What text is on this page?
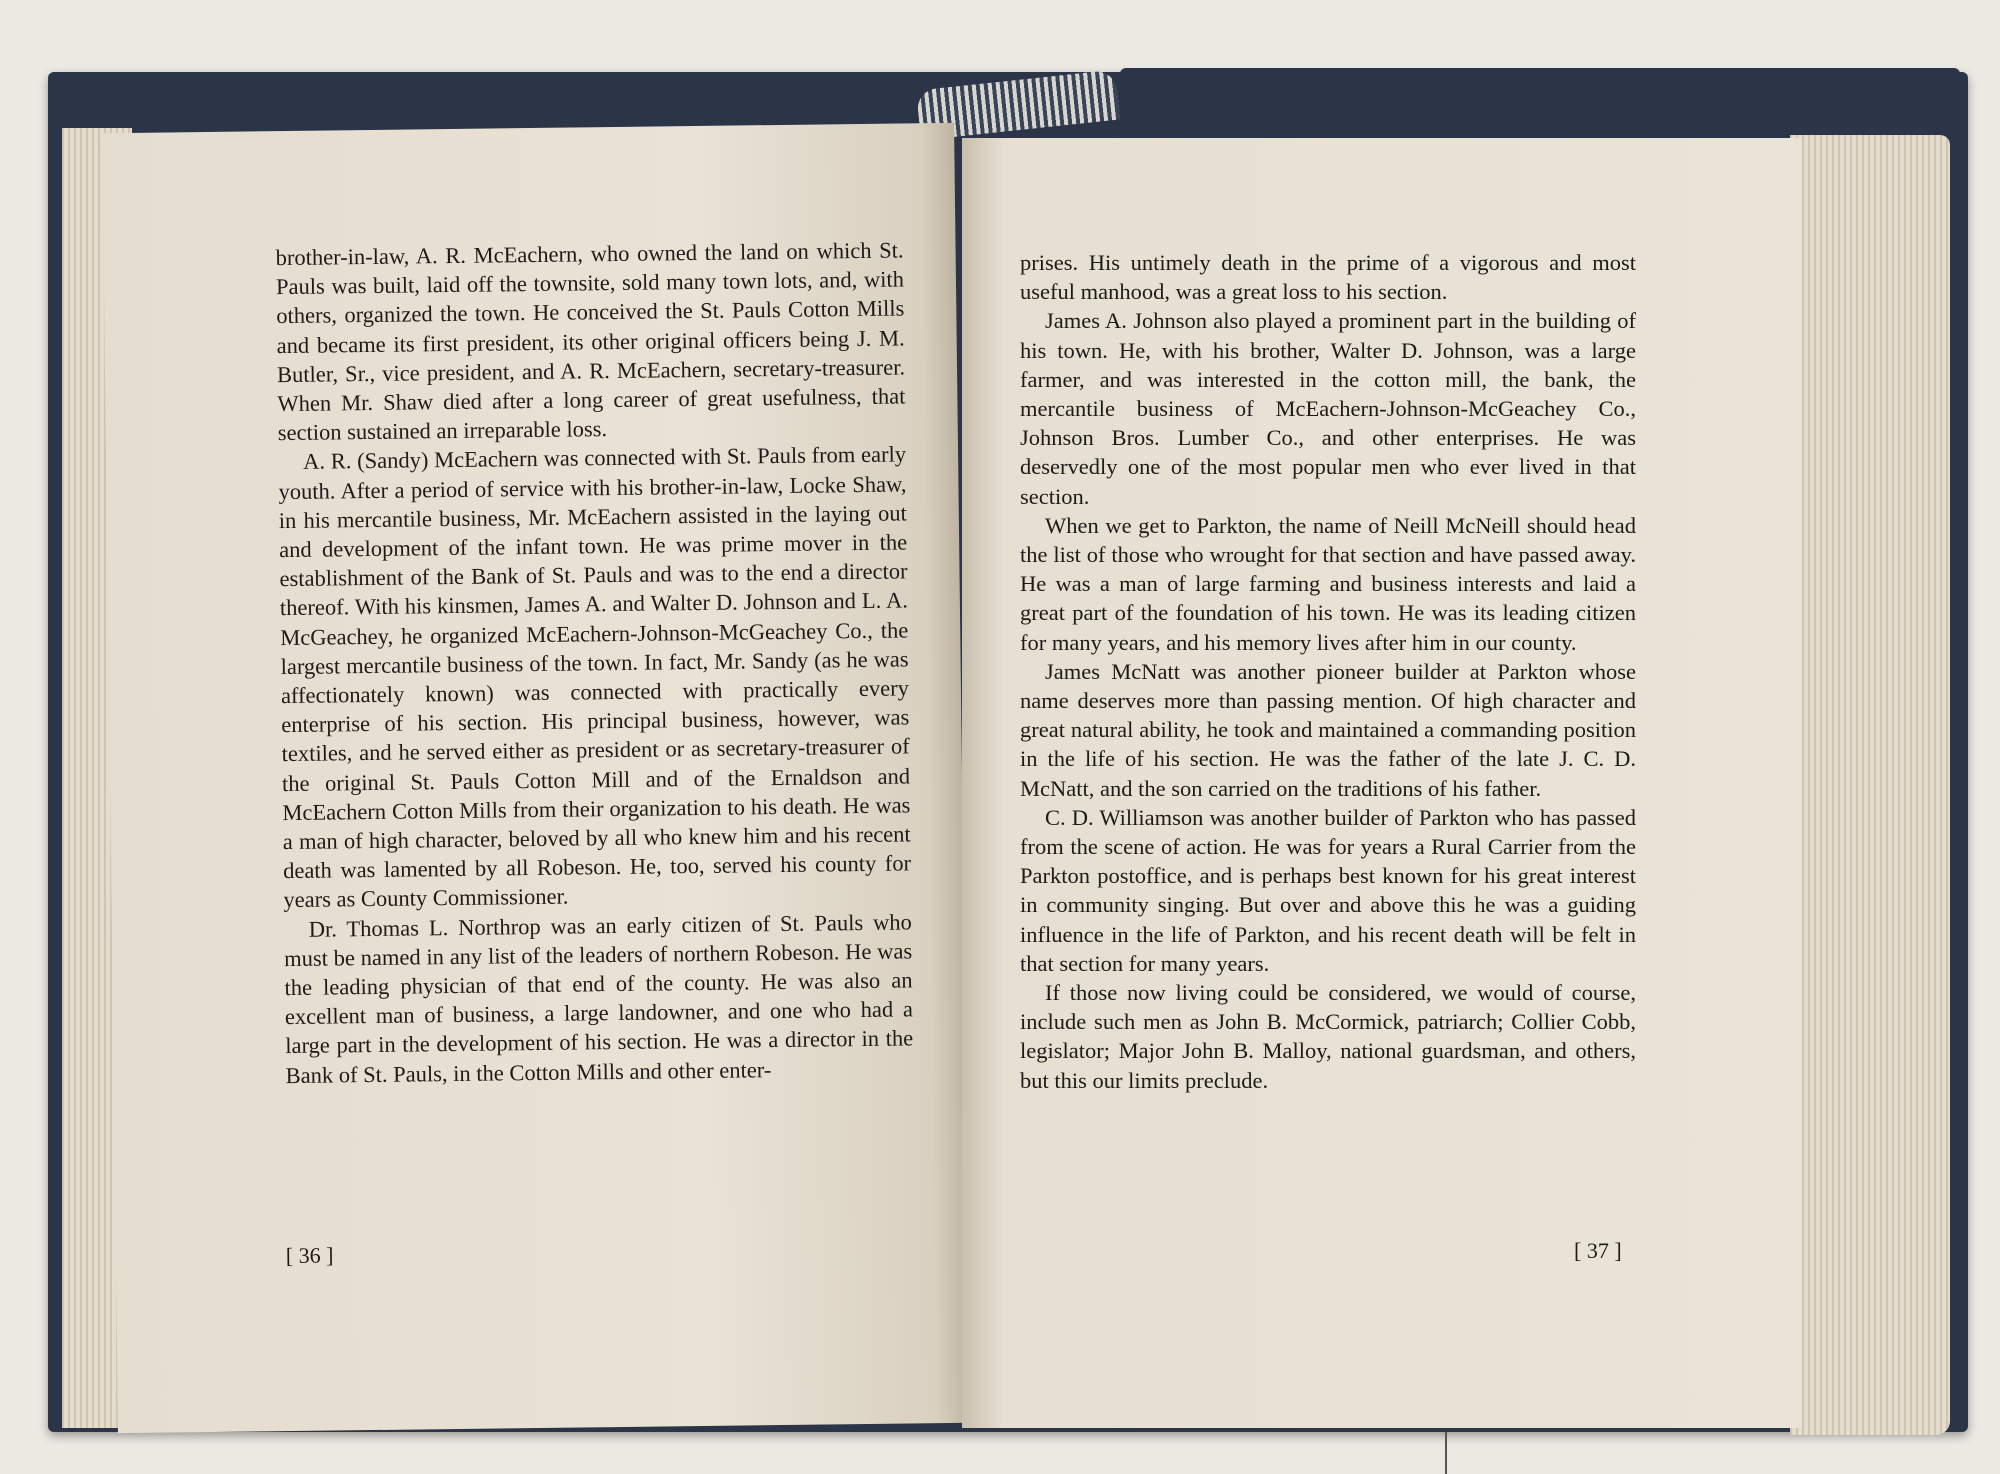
brother-in-law, A. R. McEachern, who owned the land on which St. Pauls was built, laid off the townsite, sold many town lots, and, with others, organized the town. He conceived the St. Pauls Cotton Mills and became its first president, its other original officers being J. M. Butler, Sr., vice president, and A. R. McEachern, secretary-treasurer. When Mr. Shaw died after a long career of great usefulness, that section sustained an irreparable loss.

A. R. (Sandy) McEachern was connected with St. Pauls from early youth. After a period of service with his brother-in-law, Locke Shaw, in his mercantile business, Mr. McEachern assisted in the laying out and development of the infant town. He was prime mover in the establishment of the Bank of St. Pauls and was to the end a director thereof. With his kinsmen, James A. and Walter D. Johnson and L. A. McGeachey, he organized McEachern-Johnson-McGeachey Co., the largest mercantile business of the town. In fact, Mr. Sandy (as he was affectionately known) was connected with practically every enterprise of his section. His principal business, however, was textiles, and he served either as president or as secretary-treasurer of the original St. Pauls Cotton Mill and of the Ernaldson and McEachern Cotton Mills from their organization to his death. He was a man of high character, beloved by all who knew him and his recent death was lamented by all Robeson. He, too, served his county for years as County Commissioner.

Dr. Thomas L. Northrop was an early citizen of St. Pauls who must be named in any list of the leaders of northern Robeson. He was the leading physician of that end of the county. He was also an excellent man of business, a large landowner, and one who had a large part in the development of his section. He was a director in the Bank of St. Pauls, in the Cotton Mills and other enter-

[ 36 ]

prises. His untimely death in the prime of a vigorous and most useful manhood, was a great loss to his section.

James A. Johnson also played a prominent part in the building of his town. He, with his brother, Walter D. Johnson, was a large farmer, and was interested in the cotton mill, the bank, the mercantile business of McEachern-Johnson-McGeachey Co., Johnson Bros. Lumber Co., and other enterprises. He was deservedly one of the most popular men who ever lived in that section.

When we get to Parkton, the name of Neill McNeill should head the list of those who wrought for that section and have passed away. He was a man of large farming and business interests and laid a great part of the foundation of his town. He was its leading citizen for many years, and his memory lives after him in our county.

James McNatt was another pioneer builder at Parkton whose name deserves more than passing mention. Of high character and great natural ability, he took and maintained a commanding position in the life of his section. He was the father of the late J. C. D. McNatt, and the son carried on the traditions of his father.

C. D. Williamson was another builder of Parkton who has passed from the scene of action. He was for years a Rural Carrier from the Parkton postoffice, and is perhaps best known for his great interest in community singing. But over and above this he was a guiding influence in the life of Parkton, and his recent death will be felt in that section for many years.

If those now living could be considered, we would of course, include such men as John B. McCormick, patriarch; Collier Cobb, legislator; Major John B. Malloy, national guardsman, and others, but this our limits preclude.

[ 37 ]
